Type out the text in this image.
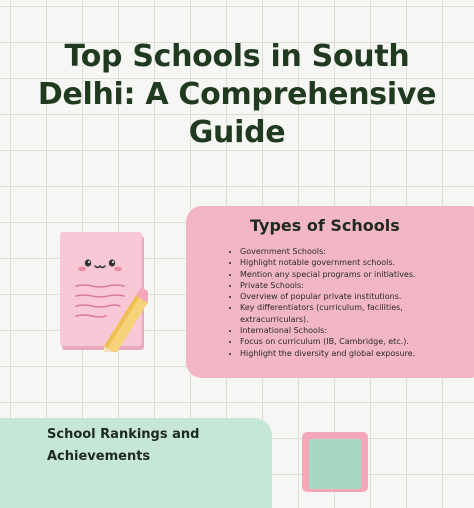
Top Schools in South
Delhi: A Comprehensive
Guide
Types of Schools
• Government Schools:
• Highlight notable government schools.
• Mention any special programs or initiatives.
• Private Schools:
• Overview of popular private institutions.
• Key differentiators (curriculum, facilities,
extracurriculars).
• International Schools:
• Focus on curriculum (IB, Cambridge, etc.).
• Highlight the diversity and global exposure.
School Rankings and
Achievements
